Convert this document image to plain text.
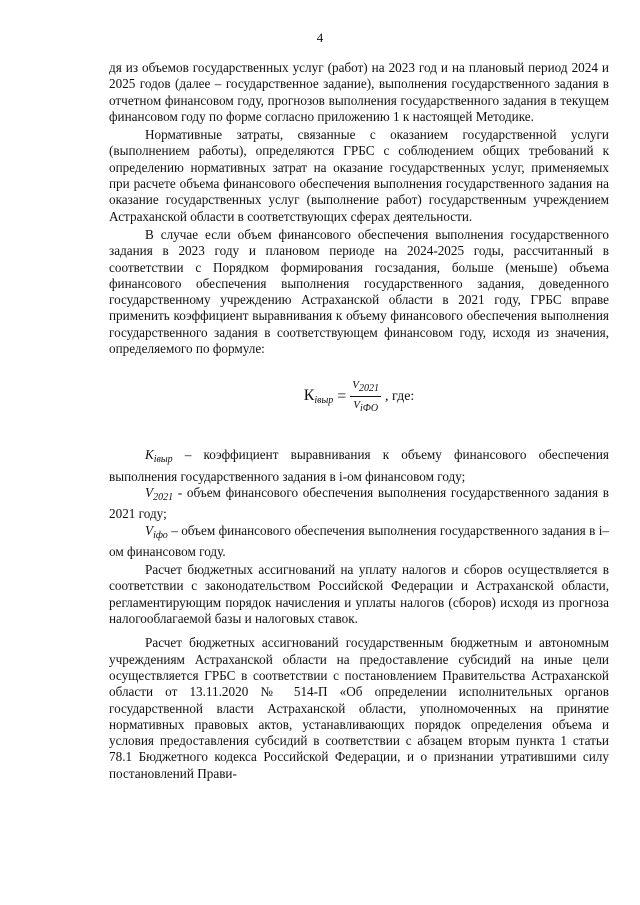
4

дя из объемов государственных услуг (работ) на 2023 год и на плановый период 2024 и 2025 годов (далее – государственное задание), выполнения государственного задания в отчетном финансовом году, прогнозов выполнения государственного задания в текущем финансовом году по форме согласно приложению 1 к настоящей Методике.

Нормативные затраты, связанные с оказанием государственной услуги (выполнением работы), определяются ГРБС с соблюдением общих требований к определению нормативных затрат на оказание государственных услуг, применяемых при расчете объема финансового обеспечения выполнения государственного задания на оказание государственных услуг (выполнение работ) государственным учреждением Астраханской области в соответствующих сферах деятельности.

В случае если объем финансового обеспечения выполнения государственного задания в 2023 году и плановом периоде на 2024-2025 годы, рассчитанный в соответствии с Порядком формирования госзадания, больше (меньше) объема финансового обеспечения выполнения государственного задания, доведенного государственному учреждению Астраханской области в 2021 году, ГРБС вправе применить коэффициент выравнивания к объему финансового обеспечения выполнения государственного задания в соответствующем финансовом году, исходя из значения, определяемого по формуле:

$К_{iвыр} = \frac{V2021}{\text{ViФО}}$ , где:

$К_{iвыр}$ – коэффициент выравнивания к объему финансового обеспечения выполнения государственного задания в i-ом финансовом году;

$V_{2021}$ - объем финансового обеспечения выполнения государственного задания в 2021 году;

$V_{iфо}$ – объем финансового обеспечения выполнения государственного задания в i–ом финансовом году.

Расчет бюджетных ассигнований на уплату налогов и сборов осуществляется в соответствии с законодательством Российской Федерации и Астраханской области, регламентирующим порядок начисления и уплаты налогов (сборов) исходя из прогноза налогооблагаемой базы и налоговых ставок.

Расчет бюджетных ассигнований государственным бюджетным и автономным учреждениям Астраханской области на предоставление субсидий на иные цели осуществляется ГРБС в соответствии с постановлением Правительства Астраханской области от 13.11.2020 № 514-П «Об определении исполнительных органов государственной власти Астраханской области, уполномоченных на принятие нормативных правовых актов, устанавливающих порядок определения объема и условия предоставления субсидий в соответствии с абзацем вторым пункта 1 статьи 78.1 Бюджетного кодекса Российской Федерации, и о признании утратившими силу постановлений Прави-
